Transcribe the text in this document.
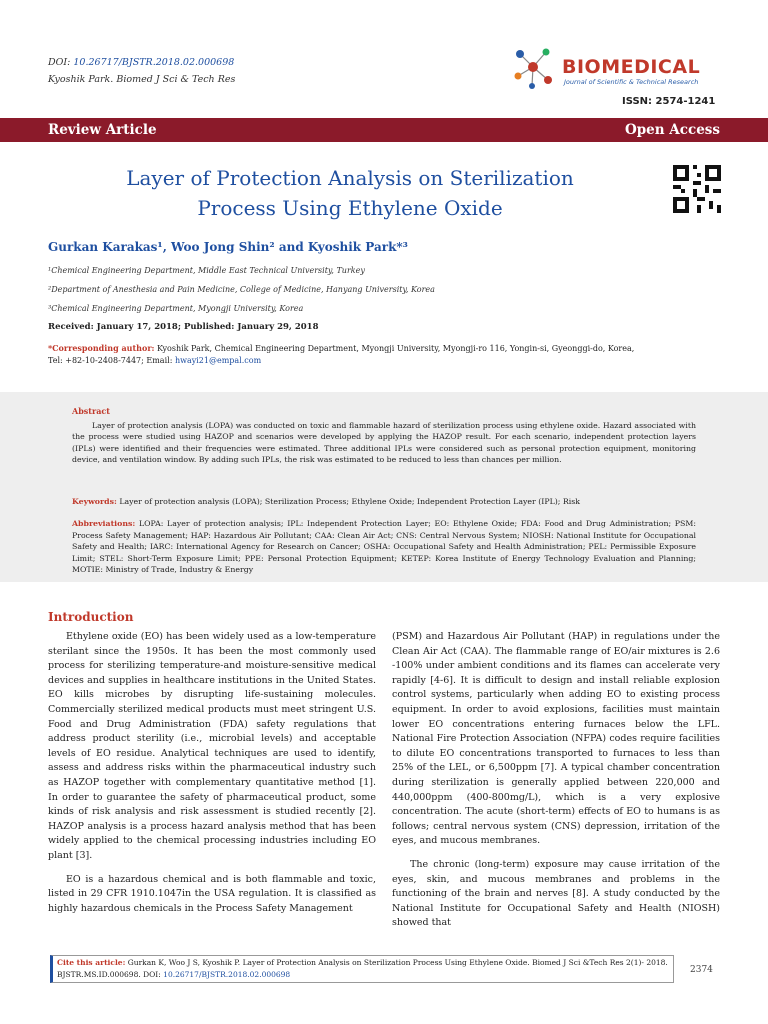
DOI: 10.26717/BJSTR.2018.02.000698
Kyoshik Park. Biomed J Sci & Tech Res
BIOMEDICAL
Journal of Scientific & Technical Research
ISSN: 2574-1241
Review Article	Open Access
Layer of Protection Analysis on Sterilization
Process Using Ethylene Oxide
Gurkan Karakas¹, Woo Jong Shin² and Kyoshik Park*³
¹Chemical Engineering Department, Middle East Technical University, Turkey
²Department of Anesthesia and Pain Medicine, College of Medicine, Hanyang University, Korea
³Chemical Engineering Department, Myongji University, Korea
Received: January 17, 2018; Published: January 29, 2018
*Corresponding author: Kyoshik Park, Chemical Engineering Department, Myongji University, Myongji-ro 116, Yongin-si, Gyeonggi-do, Korea,
Tel: +82-10-2408-7447; Email: hwayi21@empal.com
Abstract
Layer of protection analysis (LOPA) was conducted on toxic and flammable hazard of sterilization process using ethylene oxide. Hazard associated with the process were studied using HAZOP and scenarios were developed by applying the HAZOP result. For each scenario, independent protection layers (IPLs) were identified and their frequencies were estimated. Three additional IPLs were considered such as personal protection equipment, monitoring device, and ventilation window. By adding such IPLs, the risk was estimated to be reduced to less than chances per million.
Keywords: Layer of protection analysis (LOPA); Sterilization Process; Ethylene Oxide; Independent Protection Layer (IPL); Risk
Abbreviations: LOPA: Layer of protection analysis; IPL: Independent Protection Layer; EO: Ethylene Oxide; FDA: Food and Drug Administration; PSM: Process Safety Management; HAP: Hazardous Air Pollutant; CAA: Clean Air Act; CNS: Central Nervous System; NIOSH: National Institute for Occupational Safety and Health; IARC: International Agency for Research on Cancer; OSHA: Occupational Safety and Health Administration; PEL: Permissible Exposure Limit; STEL: Short-Term Exposure Limit; PPE: Personal Protection Equipment; KETEP: Korea Institute of Energy Technology Evaluation and Planning; MOTIE: Ministry of Trade, Industry & Energy
Introduction

Ethylene oxide (EO) has been widely used as a low-temperature sterilant since the 1950s. It has been the most commonly used process for sterilizing temperature-and moisture-sensitive medical devices and supplies in healthcare institutions in the United States. EO kills microbes by disrupting life-sustaining molecules. Commercially sterilized medical products must meet stringent U.S. Food and Drug Administration (FDA) safety regulations that address product sterility (i.e., microbial levels) and acceptable levels of EO residue. Analytical techniques are used to identify, assess and address risks within the pharmaceutical industry such as HAZOP together with complementary quantitative method [1]. In order to guarantee the safety of pharmaceutical product, some kinds of risk analysis and risk assessment is studied recently [2]. HAZOP analysis is a process hazard analysis method that has been widely applied to the chemical processing industries including EO plant [3].

EO is a hazardous chemical and is both flammable and toxic, listed in 29 CFR 1910.1047in the USA regulation. It is classified as highly hazardous chemicals in the Process Safety Management

(PSM) and Hazardous Air Pollutant (HAP) in regulations under the Clean Air Act (CAA). The flammable range of EO/air mixtures is 2.6 -100% under ambient conditions and its flames can accelerate very rapidly [4-6]. It is difficult to design and install reliable explosion control systems, particularly when adding EO to existing process equipment. In order to avoid explosions, facilities must maintain lower EO concentrations entering furnaces below the LFL. National Fire Protection Association (NFPA) codes require facilities to dilute EO concentrations transported to furnaces to less than 25% of the LEL, or 6,500ppm [7]. A typical chamber concentration during sterilization is generally applied between 220,000 and 440,000ppm (400-800mg/L), which is a very explosive concentration. The acute (short-term) effects of EO to humans is as follows; central nervous system (CNS) depression, irritation of the eyes, and mucous membranes.

The chronic (long-term) exposure may cause irritation of the eyes, skin, and mucous membranes and problems in the functioning of the brain and nerves [8]. A study conducted by the National Institute for Occupational Safety and Health (NIOSH) showed that

Cite this article: Gurkan K, Woo J S, Kyoshik P. Layer of Protection Analysis on Sterilization Process Using Ethylene Oxide. Biomed J Sci &Tech Res 2(1)- 2018. BJSTR.MS.ID.000698. DOI: 10.26717/BJSTR.2018.02.000698	2374
